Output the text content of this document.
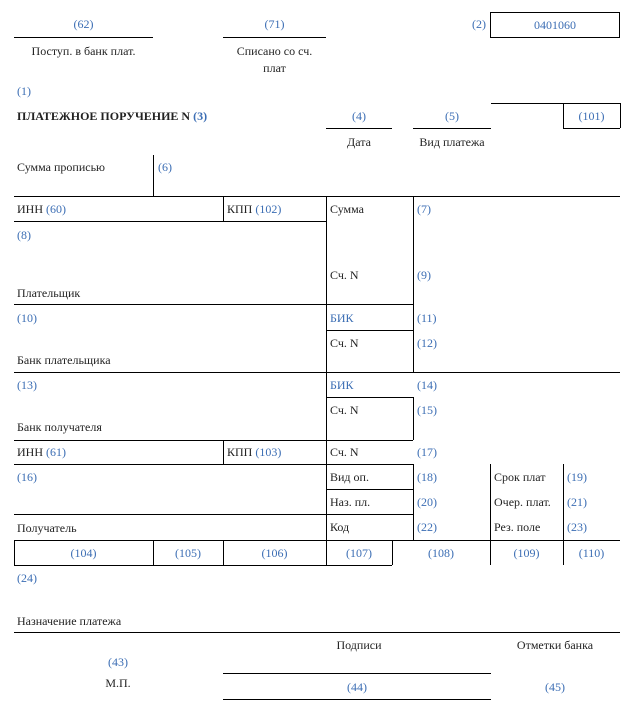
(62)
Поступ. в банк плат.
(71)
Списано со сч.
плат
(2)	0401060
(1)
ПЛАТЕЖНОЕ ПОРУЧЕНИЕ N (3)	(4)
Дата
(5)
Вид платежа
(101)
Сумма прописью	(6)
ИНН (60)	КПП (102)	Сумма	(7)
(8)
Сч. N	(9)
Плательщик
(10)	БИК	(11)
Сч. N	(12)
Банк плательщика
(13)	БИК	(14)
Сч. N	(15)
Банк получателя
ИНН (61)	КПП (103)	Сч. N	(17)
(16)	Вид оп.	(18)	Срок плат (19)
Наз. пл.	(20)	Очер. плат. (21)
Получатель	Код	(22)	Рез. поле (23)
(104)	(105)	(106)	(107)	(108)	(109)	(110)
(24)
Назначение платежа
Подписи	Отметки банка
(43)
М.П.	(44)	(45)
